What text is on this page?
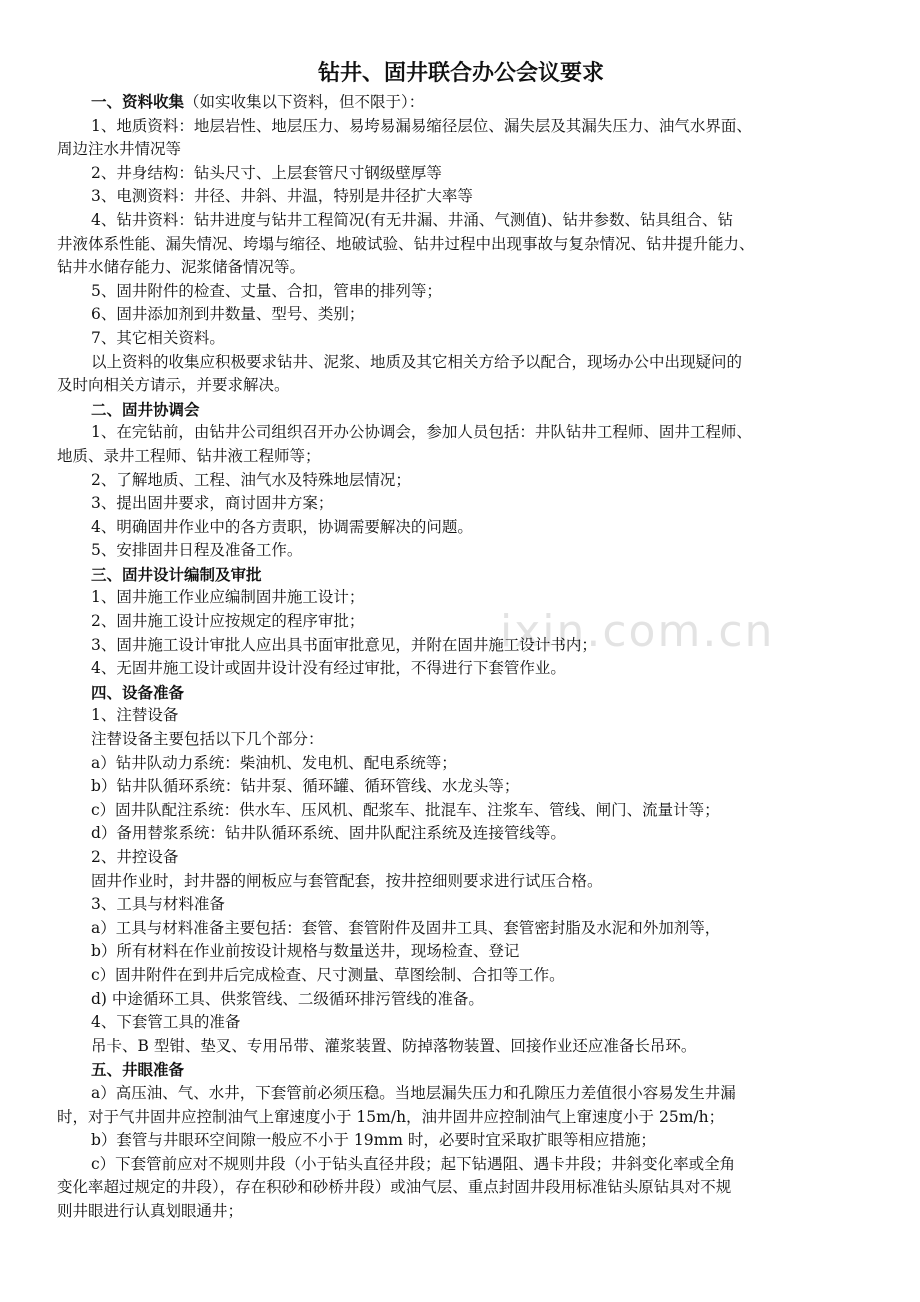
ixin.com.cn
钻井、固井联合办公会议要求
一、资料收集（如实收集以下资料，但不限于）：
1、地质资料：地层岩性、地层压力、易垮易漏易缩径层位、漏失层及其漏失压力、油气水界面、
周边注水井情况等
2、井身结构：钻头尺寸、上层套管尺寸钢级壁厚等
3、电测资料：井径、井斜、井温，特别是井径扩大率等
4、钻井资料：钻井进度与钻井工程简况(有无井漏、井涌、气测值)、钻井参数、钻具组合、钻
井液体系性能、漏失情况、垮塌与缩径、地破试验、钻井过程中出现事故与复杂情况、钻井提升能力、
钻井水储存能力、泥浆储备情况等。
5、固井附件的检查、丈量、合扣，管串的排列等；
6、固井添加剂到井数量、型号、类别；
7、其它相关资料。
以上资料的收集应积极要求钻井、泥浆、地质及其它相关方给予以配合，现场办公中出现疑问的
及时向相关方请示，并要求解决。
二、固井协调会
1、在完钻前，由钻井公司组织召开办公协调会，参加人员包括：井队钻井工程师、固井工程师、
地质、录井工程师、钻井液工程师等；
2、了解地质、工程、油气水及特殊地层情况；
3、提出固井要求，商讨固井方案；
4、明确固井作业中的各方责职，协调需要解决的问题。
5、安排固井日程及准备工作。
三、固井设计编制及审批
1、固井施工作业应编制固井施工设计；
2、固井施工设计应按规定的程序审批；
3、固井施工设计审批人应出具书面审批意见，并附在固井施工设计书内；
4、无固井施工设计或固井设计没有经过审批，不得进行下套管作业。
四、设备准备
1、注替设备
注替设备主要包括以下几个部分：
a）钻井队动力系统：柴油机、发电机、配电系统等；
b）钻井队循环系统：钻井泵、循环罐、循环管线、水龙头等；
c）固井队配注系统：供水车、压风机、配浆车、批混车、注浆车、管线、闸门、流量计等；
d）备用替浆系统：钻井队循环系统、固井队配注系统及连接管线等。
2、井控设备
固井作业时，封井器的闸板应与套管配套，按井控细则要求进行试压合格。
3、工具与材料准备
a）工具与材料准备主要包括：套管、套管附件及固井工具、套管密封脂及水泥和外加剂等，
b）所有材料在作业前按设计规格与数量送井，现场检查、登记
c）固井附件在到井后完成检查、尺寸测量、草图绘制、合扣等工作。
d) 中途循环工具、供浆管线、二级循环排污管线的准备。
4、下套管工具的准备
吊卡、B 型钳、垫叉、专用吊带、灌浆装置、防掉落物装置、回接作业还应准备长吊环。
五、井眼准备
a）高压油、气、水井，下套管前必须压稳。当地层漏失压力和孔隙压力差值很小容易发生井漏
时，对于气井固井应控制油气上窜速度小于 15m/h，油井固井应控制油气上窜速度小于 25m/h；
b）套管与井眼环空间隙一般应不小于 19mm 时，必要时宜采取扩眼等相应措施；
c）下套管前应对不规则井段（小于钻头直径井段；起下钻遇阻、遇卡井段；井斜变化率或全角
变化率超过规定的井段），存在积砂和砂桥井段）或油气层、重点封固井段用标准钻头原钻具对不规
则井眼进行认真划眼通井；
